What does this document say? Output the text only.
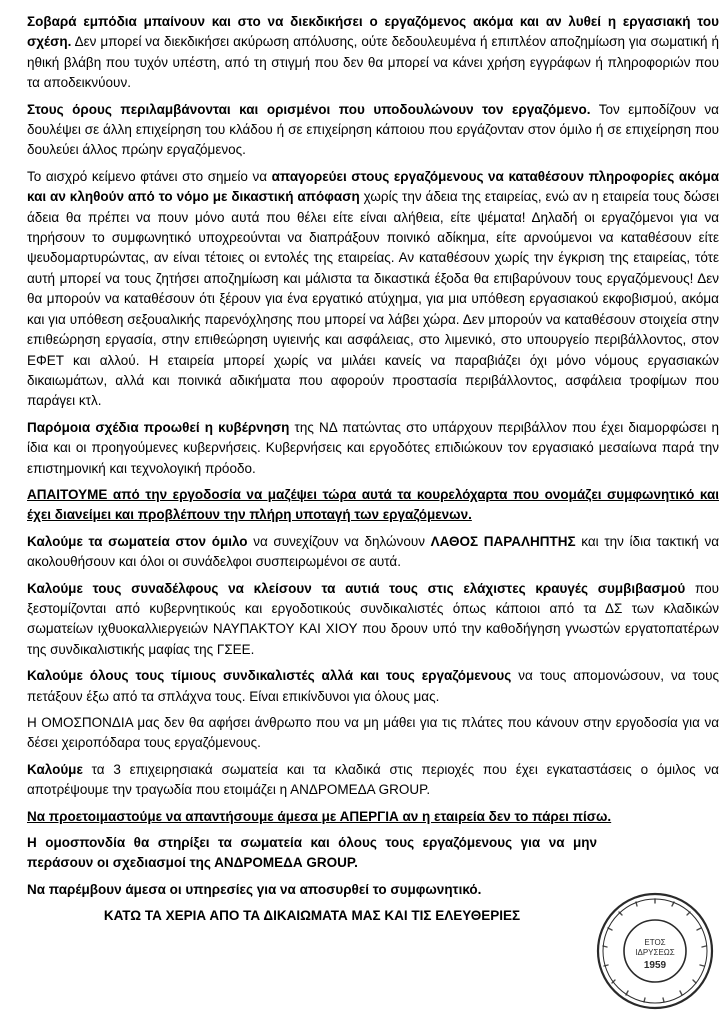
Σοβαρά εμπόδια μπαίνουν και στο να διεκδικήσει ο εργαζόμενος ακόμα και αν λυθεί η εργασιακή του σχέση. Δεν μπορεί να διεκδικήσει ακύρωση απόλυσης, ούτε δεδουλευμένα ή επιπλέον αποζημίωση για σωματική ή ηθική βλάβη που τυχόν υπέστη, από τη στιγμή που δεν θα μπορεί να κάνει χρήση εγγράφων ή πληροφοριών που τα αποδεικνύουν.

Στους όρους περιλαμβάνονται και ορισμένοι που υποδουλώνουν τον εργαζόμενο. Τον εμποδίζουν να δουλέψει σε άλλη επιχείρηση του κλάδου ή σε επιχείρηση κάποιου που εργάζονταν στον όμιλο ή σε επιχείρηση που δουλεύει άλλος πρώην εργαζόμενος.

Το αισχρό κείμενο φτάνει στο σημείο να απαγορεύει στους εργαζόμενους να καταθέσουν πληροφορίες ακόμα και αν κληθούν από το νόμο με δικαστική απόφαση χωρίς την άδεια της εταιρείας, ενώ αν η εταιρεία τους δώσει άδεια θα πρέπει να πουν μόνο αυτά που θέλει είτε είναι αλήθεια, είτε ψέματα! Δηλαδή οι εργαζόμενοι για να τηρήσουν το συμφωνητικό υποχρεούνται να διαπράξουν ποινικό αδίκημα, είτε αρνούμενοι να καταθέσουν είτε ψευδομαρτυρώντας, αν είναι τέτοιες οι εντολές της εταιρείας. Αν καταθέσουν χωρίς την έγκριση της εταιρείας, τότε αυτή μπορεί να τους ζητήσει αποζημίωση και μάλιστα τα δικαστικά έξοδα θα επιβαρύνουν τους εργαζόμενους! Δεν θα μπορούν να καταθέσουν ότι ξέρουν για ένα εργατικό ατύχημα, για μια υπόθεση εργασιακού εκφοβισμού, ακόμα και για υπόθεση σεξουαλικής παρενόχλησης που μπορεί να λάβει χώρα. Δεν μπορούν να καταθέσουν στοιχεία στην επιθεώρηση εργασία, στην επιθεώρηση υγιεινής και ασφάλειας, στο λιμενικό, στο υπουργείο περιβάλλοντος, στον ΕΦΕΤ και αλλού. Η εταιρεία μπορεί χωρίς να μιλάει κανείς να παραβιάζει όχι μόνο νόμους εργασιακών δικαιωμάτων, αλλά και ποινικά αδικήματα που αφορούν προστασία περιβάλλοντος, ασφάλεια τροφίμων που παράγει κτλ.

Παρόμοια σχέδια προωθεί η κυβέρνηση της ΝΔ πατώντας στο υπάρχουν περιβάλλον που έχει διαμορφώσει η ίδια και οι προηγούμενες κυβερνήσεις. Κυβερνήσεις και εργοδότες επιδιώκουν τον εργασιακό μεσαίωνα παρά την επιστημονική και τεχνολογική πρόοδο.

ΑΠΑΙΤΟΥΜΕ από την εργοδοσία να μαζέψει τώρα αυτά τα κουρελόχαρτα που ονομάζει συμφωνητικό και έχει διανείμει και προβλέπουν την πλήρη υποταγή των εργαζόμενων.

Καλούμε τα σωματεία στον όμιλο να συνεχίζουν να δηλώνουν ΛΑΘΟΣ ΠΑΡΑΛΗΠΤΗΣ και την ίδια τακτική να ακολουθήσουν και όλοι οι συνάδελφοι συσπειρωμένοι σε αυτά.

Καλούμε τους συναδέλφους να κλείσουν τα αυτιά τους στις ελάχιστες κραυγές συμβιβασμού που ξεστομίζονται από κυβερνητικούς και εργοδοτικούς συνδικαλιστές όπως κάποιοι από τα ΔΣ των κλαδικών σωματείων ιχθυοκαλλιεργειών ΝΑΥΠΑΚΤΟΥ ΚΑΙ ΧΙΟΥ που δρουν υπό την καθοδήγηση γνωστών εργατοπατέρων της συνδικαλιστικής μαφίας της ΓΣΕΕ.

Καλούμε όλους τους τίμιους συνδικαλιστές αλλά και τους εργαζόμενους να τους απομονώσουν, να τους πετάξουν έξω από τα σπλάχνα τους. Είναι επικίνδυνοι για όλους μας.

Η ΟΜΟΣΠΟΝΔΙΑ μας δεν θα αφήσει άνθρωπο που να μη μάθει για τις πλάτες που κάνουν στην εργοδοσία για να δέσει χειροπόδαρα τους εργαζόμενους.

Καλούμε τα 3 επιχειρησιακά σωματεία και τα κλαδικά στις περιοχές που έχει εγκαταστάσεις ο όμιλος να αποτρέψουμε την τραγωδία που ετοιμάζει η ΑΝΔΡΟΜΕΔΑ GROUP.

Να προετοιμαστούμε να απαντήσουμε άμεσα με ΑΠΕΡΓΙΑ αν η εταιρεία δεν το πάρει πίσω.

Η ομοσπονδία θα στηρίξει τα σωματεία και όλους τους εργαζόμενους για να μην περάσουν οι σχεδιασμοί της ΑΝΔΡΟΜΕΔΑ GROUP.

Να παρέμβουν άμεσα οι υπηρεσίες για να αποσυρθεί το συμφωνητικό.

ΚΑΤΩ ΤΑ ΧΕΡΙΑ ΑΠΟ ΤΑ ΔΙΚΑΙΩΜΑΤΑ ΜΑΣ ΚΑΙ ΤΙΣ ΕΛΕΥΘΕΡΙΕΣ

ΕΤΟΣ
ΙΔΡΥΣΕΩΣ
1959
